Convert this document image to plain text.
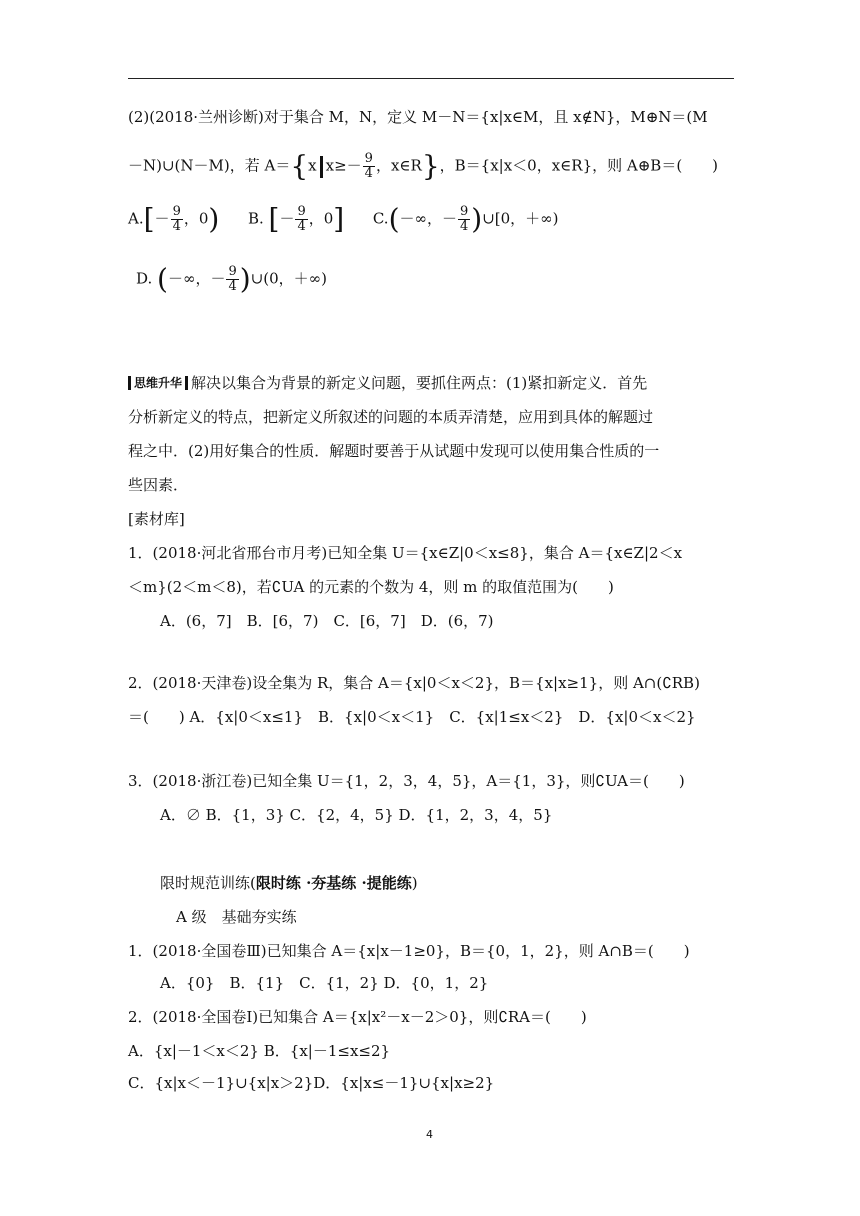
(2)(2018·兰州诊断)对于集合 M，N，定义 M－N＝{x|x∈M，且 x∉N}，M⊕N＝(M
－N)∪(N－M)，若 A＝{x $x\ge- \frac{9}{4}$ ，x∈R}，B＝{x|x＜0，x∈R}，则 A⊕B＝(　　)
$A.[- \frac{9}{4}$ ，0) B. [－ $\frac{9}{4}$ ，0] C.(－∞，－ $\frac{9}{4}$ )∪[0，＋∞)
D. (－∞，－ $\frac{9}{4}$ )∪(0，＋∞)
思维升华 解决以集合为背景的新定义问题，要抓住两点：(1)紧扣新定义．首先
分析新定义的特点，把新定义所叙述的问题的本质弄清楚，应用到具体的解题过
程之中．(2)用好集合的性质．解题时要善于从试题中发现可以使用集合性质的一
些因素．
[素材库]
1．(2018·河北省邢台市月考)已知全集 U＝{x∈Z|0＜x≤8}，集合 A＝{x∈Z|2＜x
＜m}(2＜m＜8)，若∁UA 的元素的个数为 4，则 m 的取值范围为(　　)
A．(6，7]　B．[6，7)　C．[6，7]　D．(6，7)
2．(2018·天津卷)设全集为 R，集合 A＝{x|0＜x＜2}，B＝{x|x≥1}，则 A∩(∁RB)
＝(　　) A．{x|0＜x≤1}　B．{x|0＜x＜1}　C．{x|1≤x＜2}　D．{x|0＜x＜2}
3．(2018·浙江卷)已知全集 U＝{1，2，3，4，5}，A＝{1，3}，则∁UA＝(　　)
A．∅ B．{1，3} C．{2，4，5} D．{1，2，3，4，5}
限时规范训练(限时练 ·夯基练 ·提能练)
A 级　基础夯实练
1．(2018·全国卷Ⅲ)已知集合 A＝{x|x－1≥0}，B＝{0，1，2}，则 A∩B＝(　　)
A．{0}　B．{1}　C．{1，2} D．{0，1，2}
2．(2018·全国卷Ⅰ)已知集合 A＝{x|x²－x－2＞0}，则∁RA＝(　　)
A．{x|－1＜x＜2} B．{x|－1≤x≤2}
C．{x|x＜－1}∪{x|x＞2}D．{x|x≤－1}∪{x|x≥2}
4
